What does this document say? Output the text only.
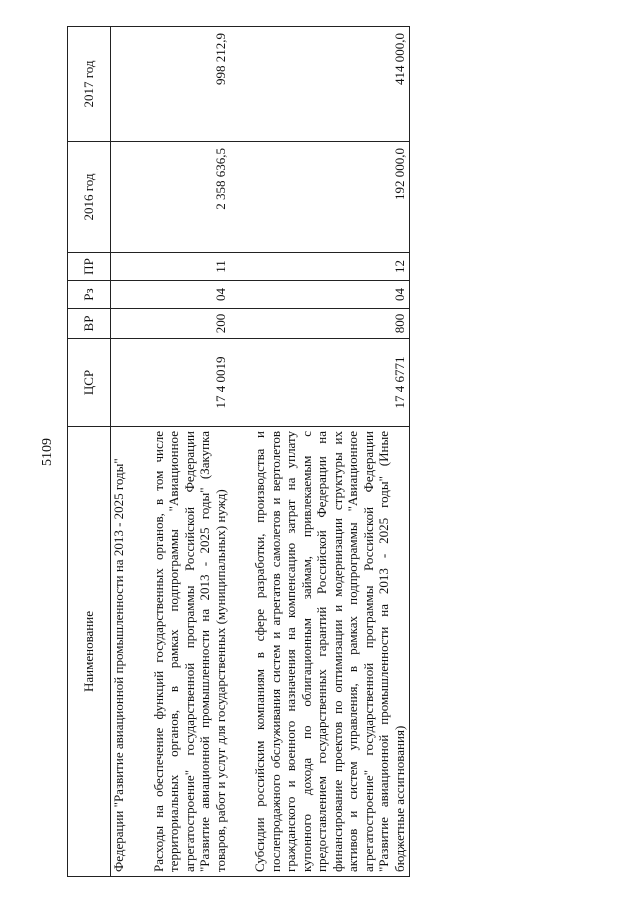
5109
Наименование	ЦСР	ВР	Рз	ПР	2016 год	2017 год
Федерации "Развитие авиационной промышленности на 2013 - 2025 годы"						

Расходы на обеспечение функций государственных органов, в том числе территориальных органов, в рамках подпрограммы "Авиационное агрегатостроение" государственной программы Российской Федерации "Развитие авиационной промышленности на 2013 - 2025 годы" (Закупка товаров, работ и услуг для государственных (муниципальных) нужд)	17 4 0019	200	04	11	2 358 636,5	998 212,9

Субсидии российским компаниям в сфере разработки, производства и послепродажного обслуживания систем и агрегатов самолетов и вертолетов гражданского и военного назначения на компенсацию затрат на уплату купонного дохода по облигационным займам, привлекаемым с предоставлением государственных гарантий Российской Федерации на финансирование проектов по оптимизации и модернизации структуры их активов и систем управления, в рамках подпрограммы "Авиационное агрегатостроение" государственной программы Российской Федерации "Развитие авиационной промышленности на 2013 - 2025 годы" (Иные бюджетные ассигнования)	17 4 6771	800	04	12	192 000,0	414 000,0
